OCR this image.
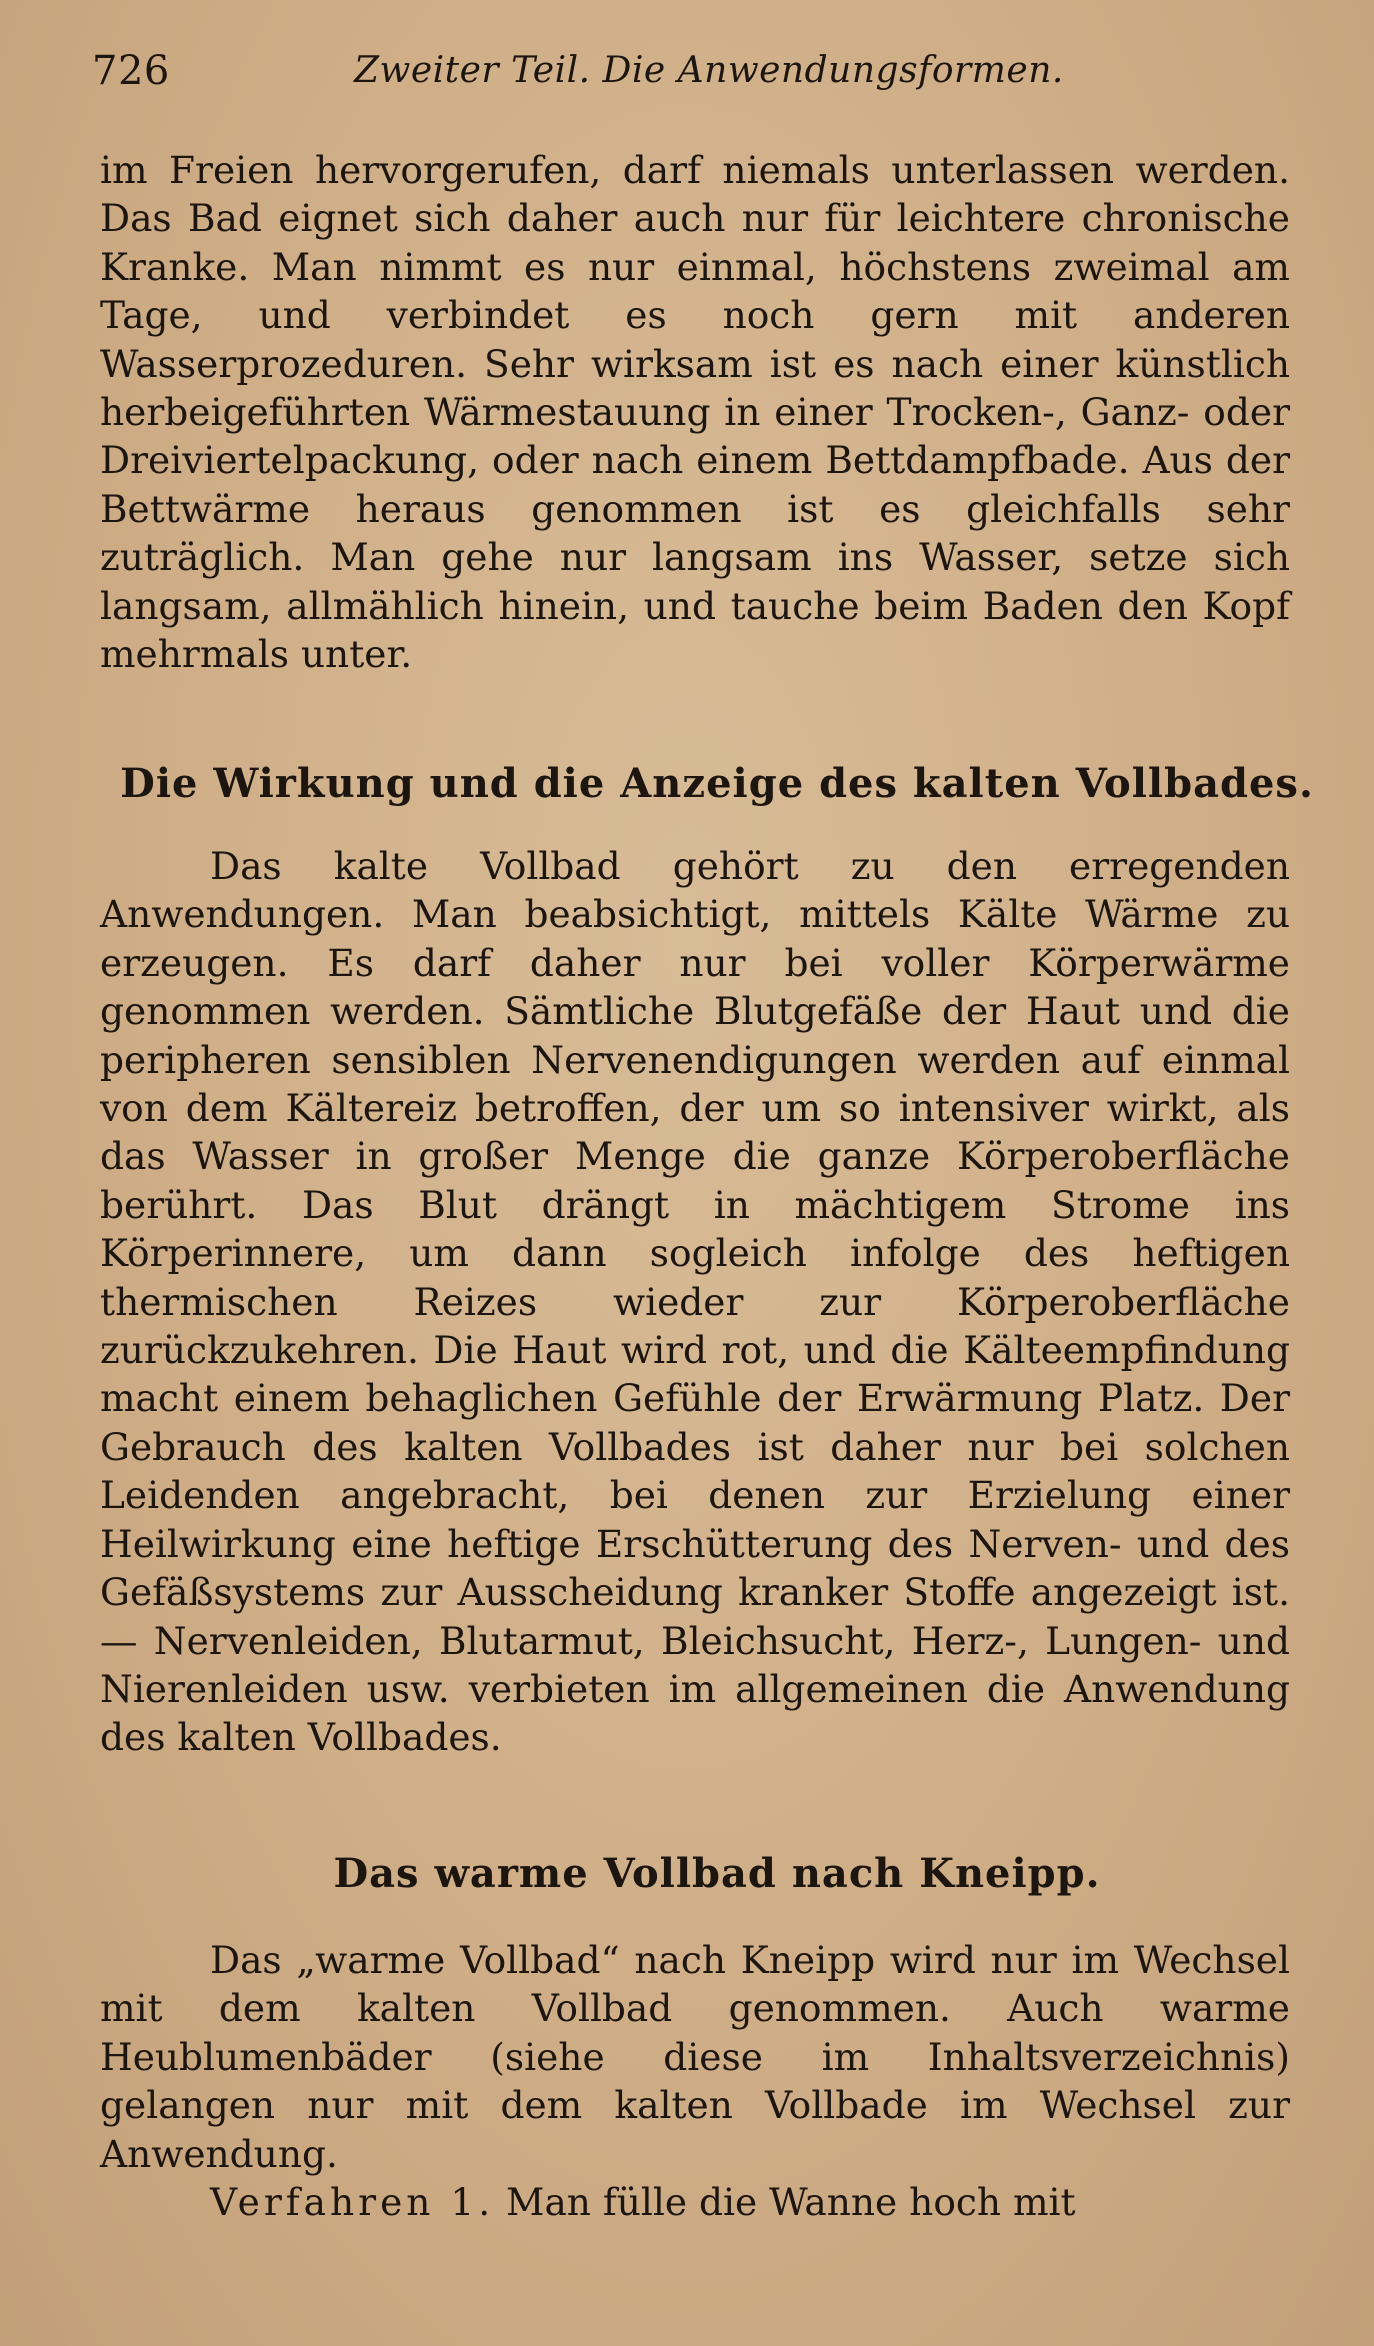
726	Zweiter Teil. Die Anwendungsformen.

im Freien hervorgerufen, darf niemals unterlassen werden. Das Bad eignet sich daher auch nur für leichtere chronische Kranke. Man nimmt es nur einmal, höchstens zweimal am Tage, und verbindet es noch gern mit anderen Wasserprozeduren. Sehr wirksam ist es nach einer künstlich herbeigeführten Wärmestauung in einer Trocken-, Ganz- oder Dreiviertelpackung, oder nach einem Bettdampfbade. Aus der Bettwärme heraus genommen ist es gleichfalls sehr zuträglich. Man gehe nur langsam ins Wasser, setze sich langsam, allmählich hinein, und tauche beim Baden den Kopf mehrmals unter.

Die Wirkung und die Anzeige des kalten Vollbades.

Das kalte Vollbad gehört zu den erregenden Anwendungen. Man beabsichtigt, mittels Kälte Wärme zu erzeugen. Es darf daher nur bei voller Körperwärme genommen werden. Sämtliche Blutgefäße der Haut und die peripheren sensiblen Nervenendigungen werden auf einmal von dem Kältereiz betroffen, der um so intensiver wirkt, als das Wasser in großer Menge die ganze Körperoberfläche berührt. Das Blut drängt in mächtigem Strome ins Körperinnere, um dann sogleich infolge des heftigen thermischen Reizes wieder zur Körperoberfläche zurückzukehren. Die Haut wird rot, und die Kälteempfindung macht einem behaglichen Gefühle der Erwärmung Platz. Der Gebrauch des kalten Vollbades ist daher nur bei solchen Leidenden angebracht, bei denen zur Erzielung einer Heilwirkung eine heftige Erschütterung des Nerven- und des Gefäßsystems zur Ausscheidung kranker Stoffe angezeigt ist. — Nervenleiden, Blutarmut, Bleichsucht, Herz-, Lungen- und Nierenleiden usw. verbieten im allgemeinen die Anwendung des kalten Vollbades.

Das warme Vollbad nach Kneipp.

Das „warme Vollbad“ nach Kneipp wird nur im Wechsel mit dem kalten Vollbad genommen. Auch warme Heublumenbäder (siehe diese im Inhaltsverzeichnis) gelangen nur mit dem kalten Vollbade im Wechsel zur Anwendung.

Verfahren 1. Man fülle die Wanne hoch mit
